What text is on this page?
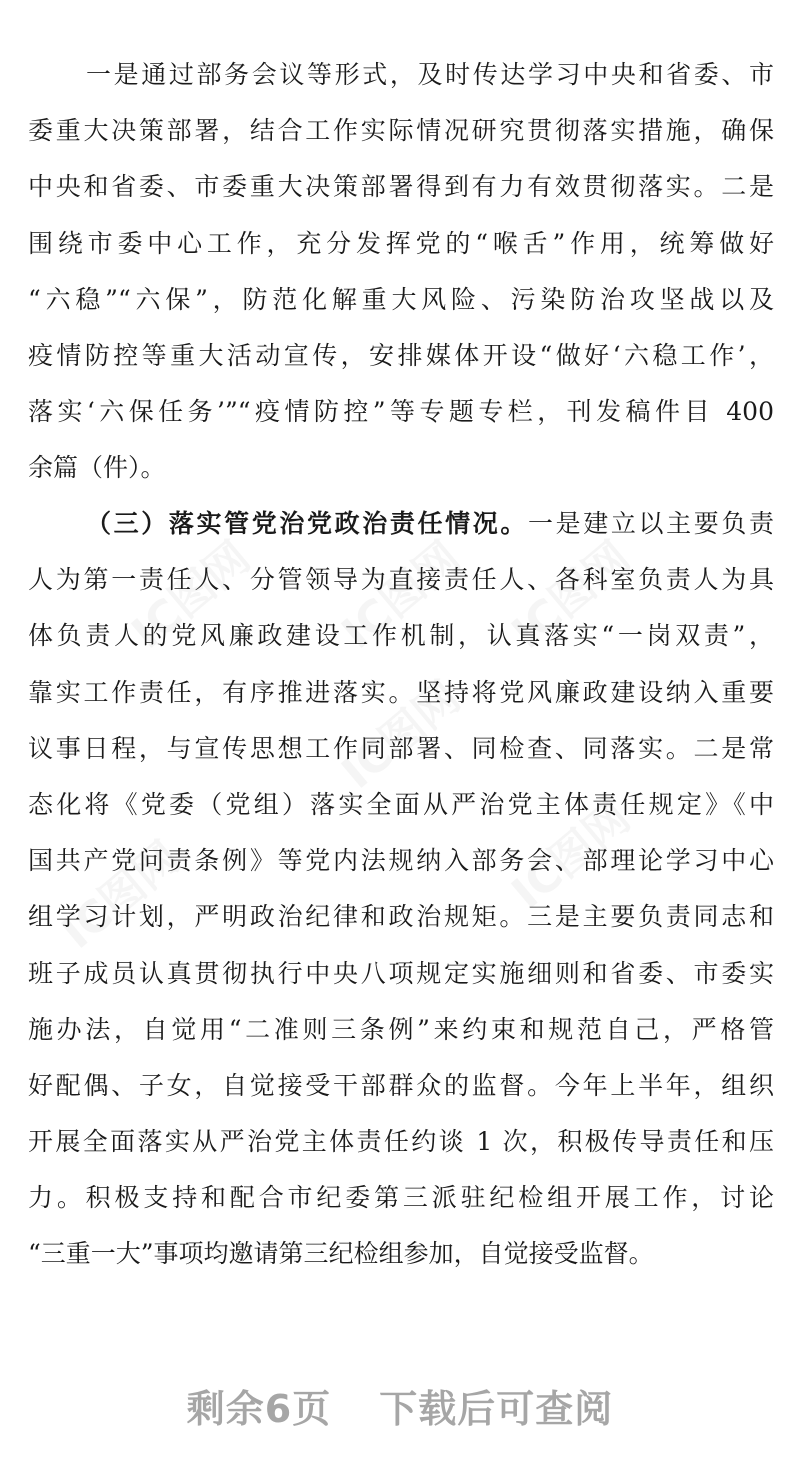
IC图网 IC图网
IC图网
IC图网
IC图网	IC图网
一是通过部务会议等形式，及时传达学习中央和省委、市
委重大决策部署，结合工作实际情况研究贯彻落实措施，确保
中央和省委、市委重大决策部署得到有力有效贯彻落实。二是
围绕市委中心工作，充分发挥党的“喉舌”作用，统筹做好
“六稳”“六保”，防范化解重大风险、污染防治攻坚战以及
疫情防控等重大活动宣传，安排媒体开设“做好‘六稳工作’，
落实‘六保任务’”“疫情防控”等专题专栏，刊发稿件目 400
余篇（件）。
（三）落实管党治党政治责任情况。一是建立以主要负责
人为第一责任人、分管领导为直接责任人、各科室负责人为具
体负责人的党风廉政建设工作机制，认真落实“一岗双责”，
靠实工作责任，有序推进落实。坚持将党风廉政建设纳入重要
议事日程，与宣传思想工作同部署、同检查、同落实。二是常
态化将《党委（党组）落实全面从严治党主体责任规定》《中
国共产党问责条例》等党内法规纳入部务会、部理论学习中心
组学习计划，严明政治纪律和政治规矩。三是主要负责同志和
班子成员认真贯彻执行中央八项规定实施细则和省委、市委实
施办法，自觉用“二准则三条例”来约束和规范自己，严格管
好配偶、子女，自觉接受干部群众的监督。今年上半年，组织
开展全面落实从严治党主体责任约谈 1 次，积极传导责任和压
力。积极支持和配合市纪委第三派驻纪检组开展工作，讨论
“三重一大”事项均邀请第三纪检组参加，自觉接受监督。
剩余6页 下载后可查阅
